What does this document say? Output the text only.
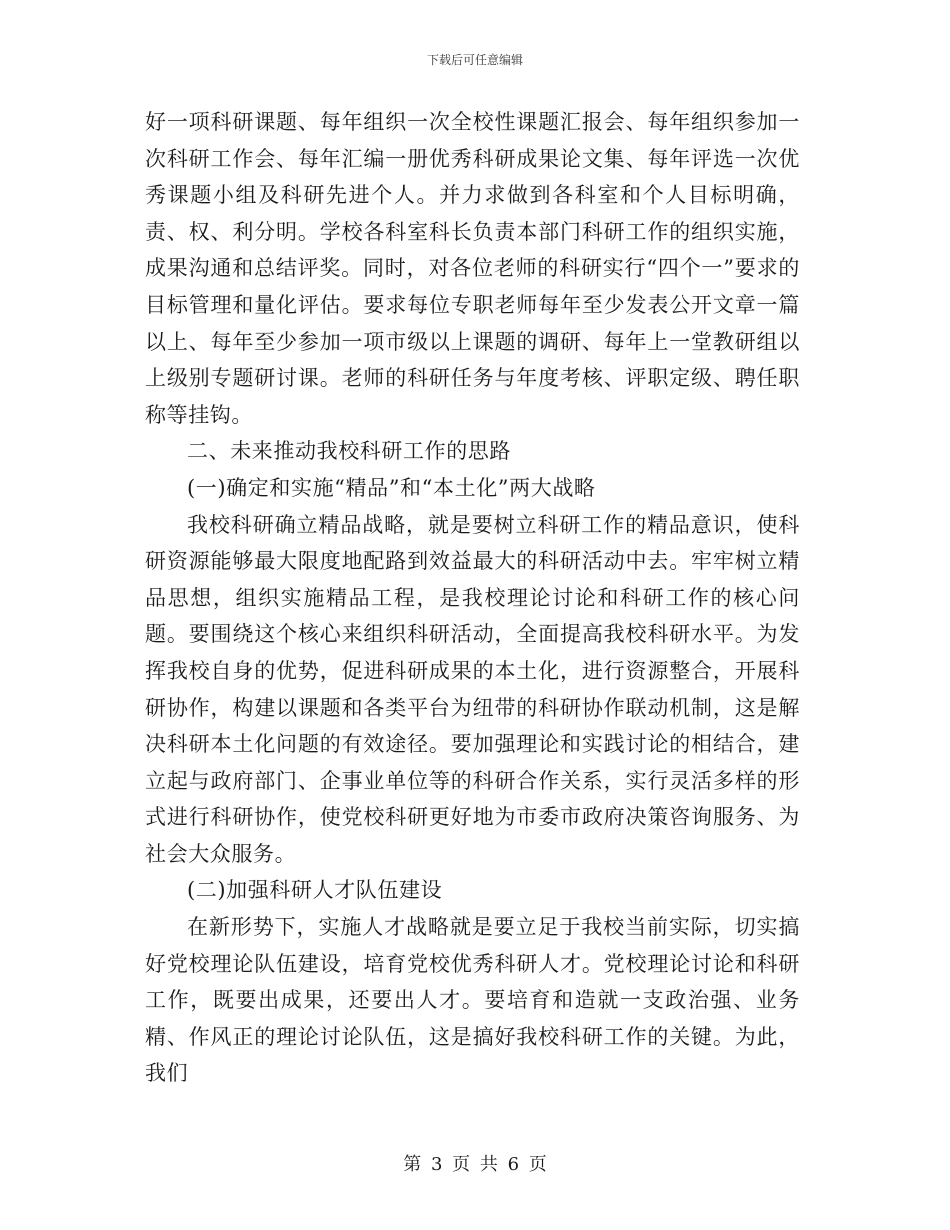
下载后可任意编辑

好一项科研课题、每年组织一次全校性课题汇报会、每年组织参加一次科研工作会、每年汇编一册优秀科研成果论文集、每年评选一次优秀课题小组及科研先进个人。并力求做到各科室和个人目标明确，责、权、利分明。学校各科室科长负责本部门科研工作的组织实施，成果沟通和总结评奖。同时，对各位老师的科研实行“四个一”要求的目标管理和量化评估。要求每位专职老师每年至少发表公开文章一篇以上、每年至少参加一项市级以上课题的调研、每年上一堂教研组以上级别专题研讨课。老师的科研任务与年度考核、评职定级、聘任职称等挂钩。

二、未来推动我校科研工作的思路

(一)确定和实施“精品”和“本土化”两大战略

我校科研确立精品战略，就是要树立科研工作的精品意识，使科研资源能够最大限度地配路到效益最大的科研活动中去。牢牢树立精品思想，组织实施精品工程，是我校理论讨论和科研工作的核心问题。要围绕这个核心来组织科研活动，全面提高我校科研水平。为发挥我校自身的优势，促进科研成果的本土化，进行资源整合，开展科研协作，构建以课题和各类平台为纽带的科研协作联动机制，这是解决科研本土化问题的有效途径。要加强理论和实践讨论的相结合，建立起与政府部门、企事业单位等的科研合作关系，实行灵活多样的形式进行科研协作，使党校科研更好地为市委市政府决策咨询服务、为社会大众服务。

(二)加强科研人才队伍建设

在新形势下，实施人才战略就是要立足于我校当前实际，切实搞好党校理论队伍建设，培育党校优秀科研人才。党校理论讨论和科研工作，既要出成果，还要出人才。要培育和造就一支政治强、业务精、作风正的理论讨论队伍，这是搞好我校科研工作的关键。为此，我们

第 3 页 共 6 页
